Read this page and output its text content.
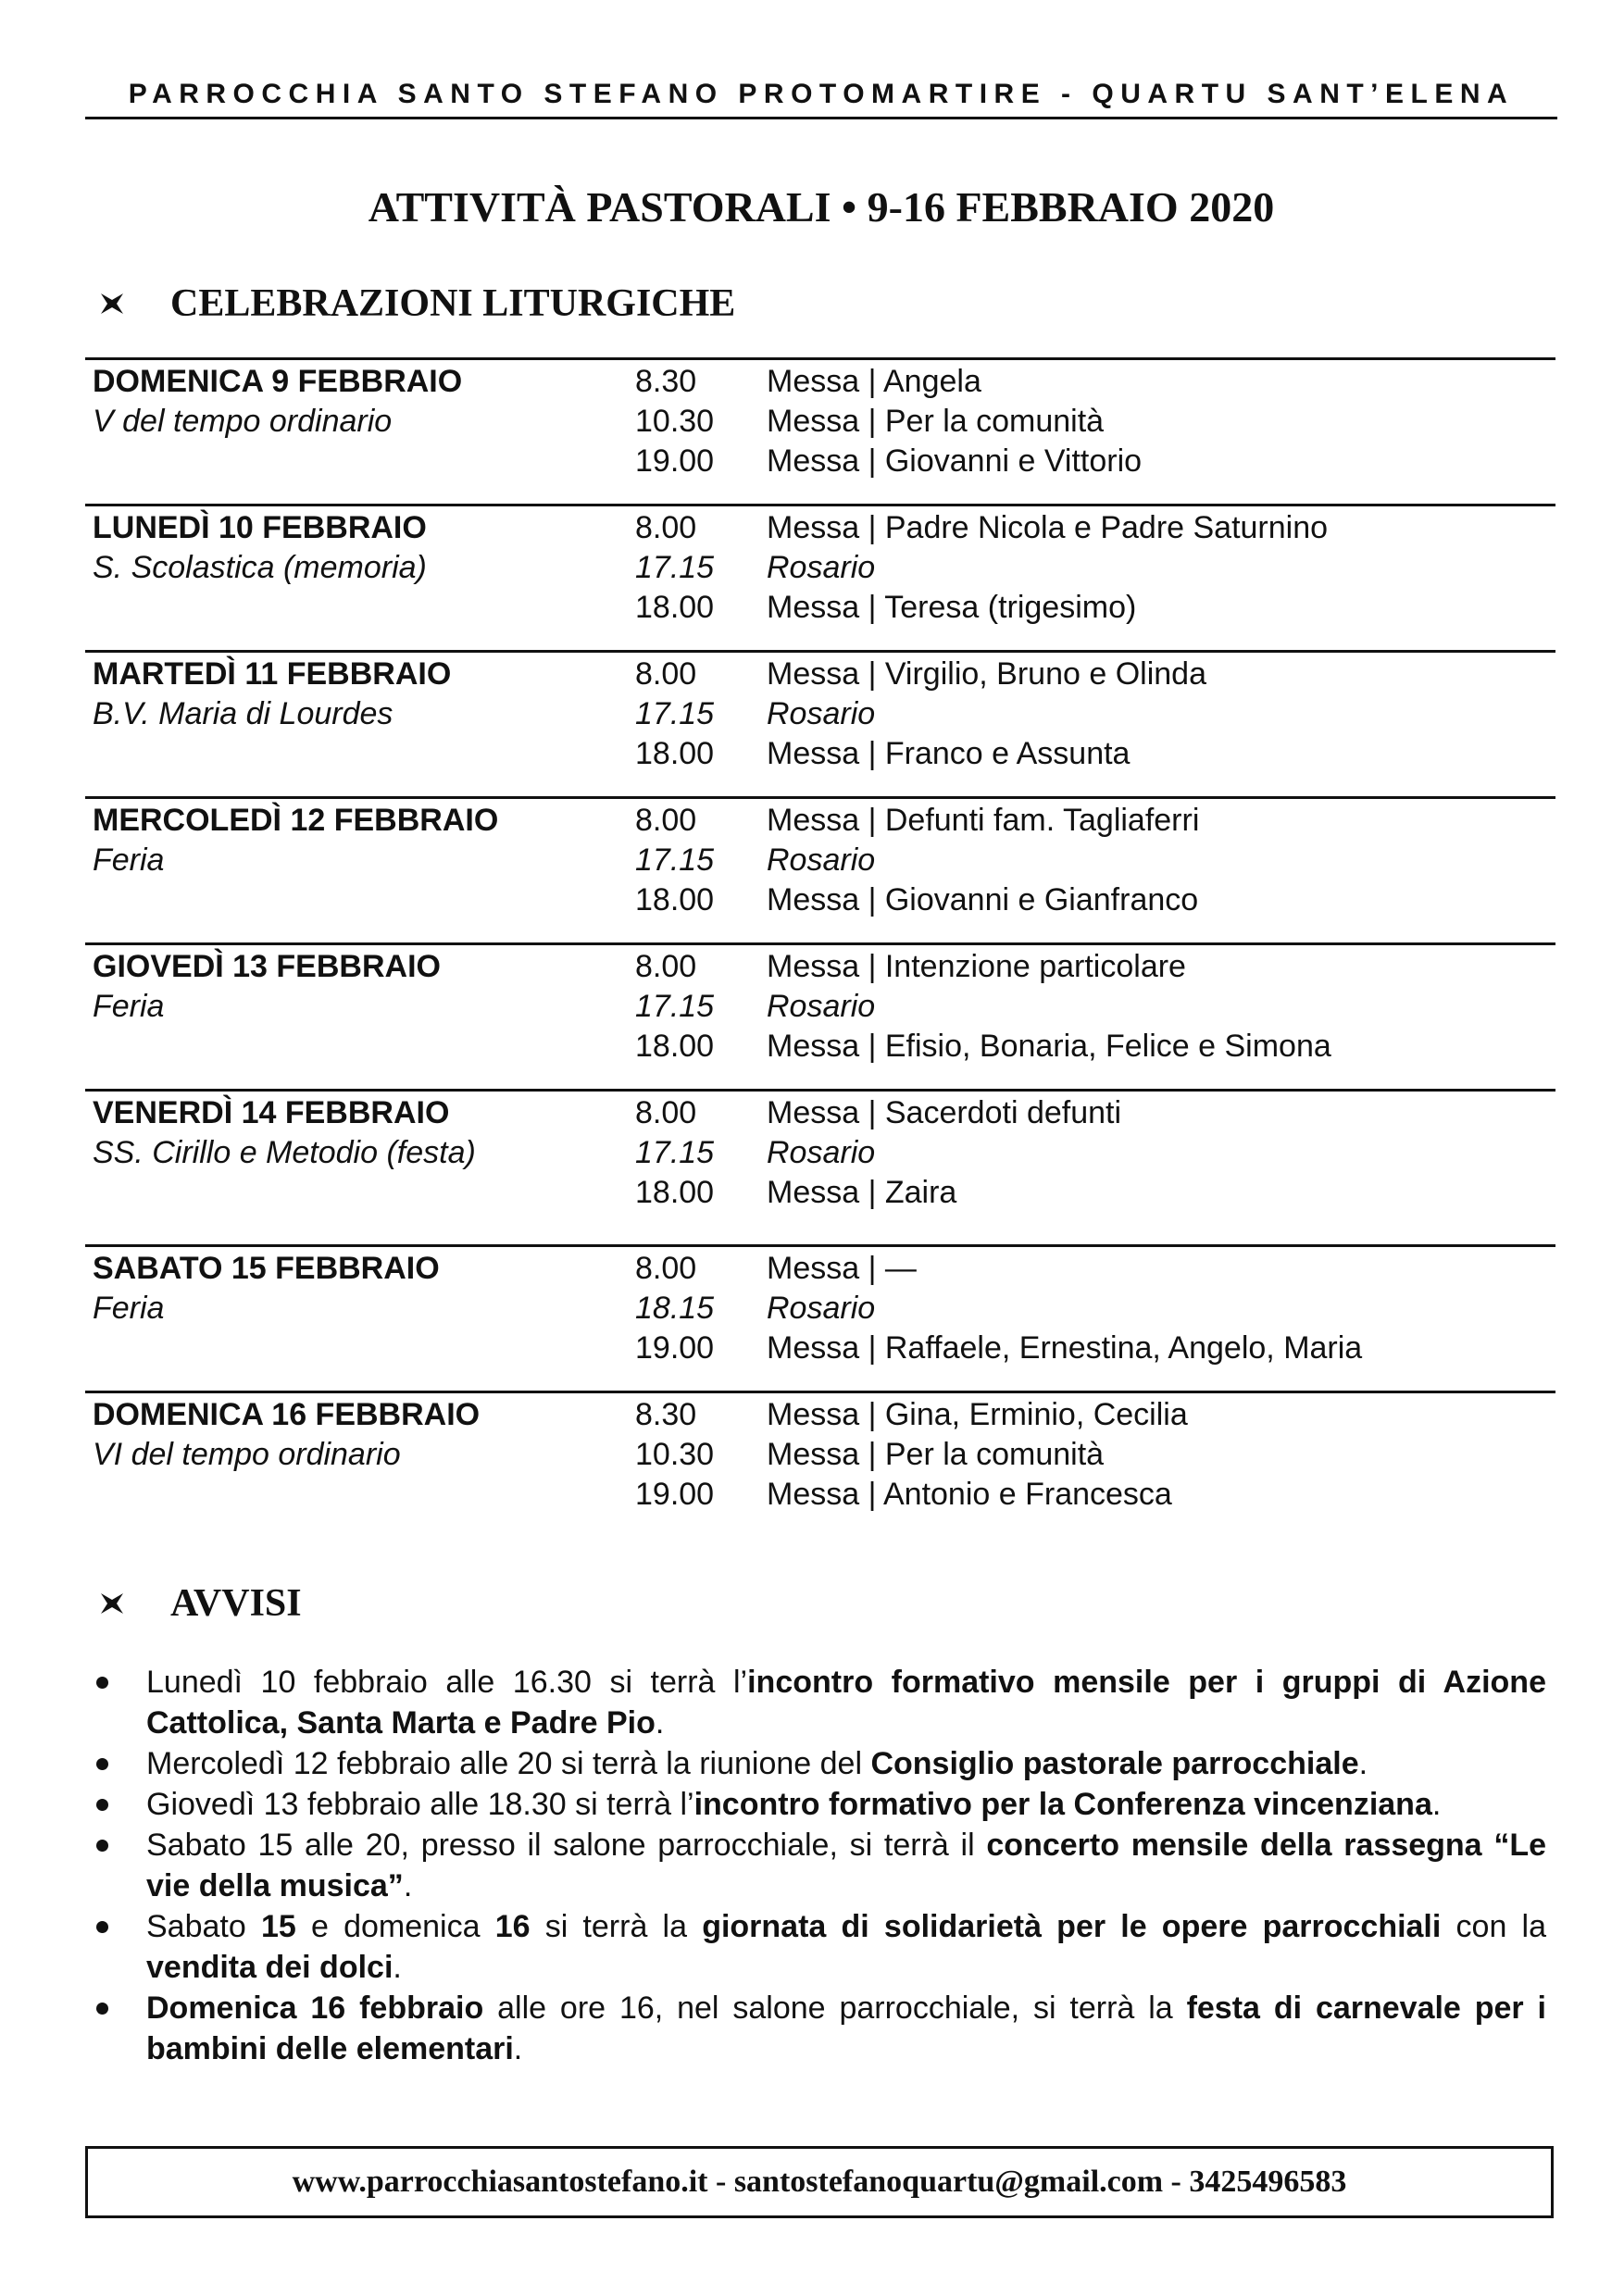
PARROCCHIA SANTO STEFANO PROTOMARTIRE - QUARTU SANT’ELENA
ATTIVITÀ PASTORALI • 9-16 FEBBRAIO 2020
CELEBRAZIONI LITURGICHE
DOMENICA 9 FEBBRAIO
V del tempo ordinario
8.30 Messa | Angela
10.30 Messa | Per la comunità
19.00 Messa | Giovanni e Vittorio
LUNEDÌ 10 FEBBRAIO
S. Scolastica (memoria)
8.00 Messa | Padre Nicola e Padre Saturnino
17.15 Rosario
18.00 Messa | Teresa (trigesimo)
MARTEDÌ 11 FEBBRAIO
B.V. Maria di Lourdes
8.00 Messa | Virgilio, Bruno e Olinda
17.15 Rosario
18.00 Messa | Franco e Assunta
MERCOLEDÌ 12 FEBBRAIO
Feria
8.00 Messa | Defunti fam. Tagliaferri
17.15 Rosario
18.00 Messa | Giovanni e Gianfranco
GIOVEDÌ 13 FEBBRAIO
Feria
8.00 Messa | Intenzione particolare
17.15 Rosario
18.00 Messa | Efisio, Bonaria, Felice e Simona
VENERDÌ 14 FEBBRAIO
SS. Cirillo e Metodio (festa)
8.00 Messa | Sacerdoti defunti
17.15 Rosario
18.00 Messa | Zaira
SABATO 15 FEBBRAIO
Feria
8.00 Messa | —
18.15 Rosario
19.00 Messa | Raffaele, Ernestina, Angelo, Maria
DOMENICA 16 FEBBRAIO
VI del tempo ordinario
8.30 Messa | Gina, Erminio, Cecilia
10.30 Messa | Per la comunità
19.00 Messa | Antonio e Francesca
AVVISI
Lunedì 10 febbraio alle 16.30 si terrà l’incontro formativo mensile per i gruppi di Azione Cattolica, Santa Marta e Padre Pio.
Mercoledì 12 febbraio alle 20 si terrà la riunione del Consiglio pastorale parrocchiale.
Giovedì 13 febbraio alle 18.30 si terrà l’incontro formativo per la Conferenza vincenziana.
Sabato 15 alle 20, presso il salone parrocchiale, si terrà il concerto mensile della rassegna “Le vie della musica”.
Sabato 15 e domenica 16 si terrà la giornata di solidarietà per le opere parrocchiali con la vendita dei dolci.
Domenica 16 febbraio alle ore 16, nel salone parrocchiale, si terrà la festa di carnevale per i bambini delle elementari.
www.parrocchiasantostefano.it - santostefanoquartu@gmail.com - 3425496583
